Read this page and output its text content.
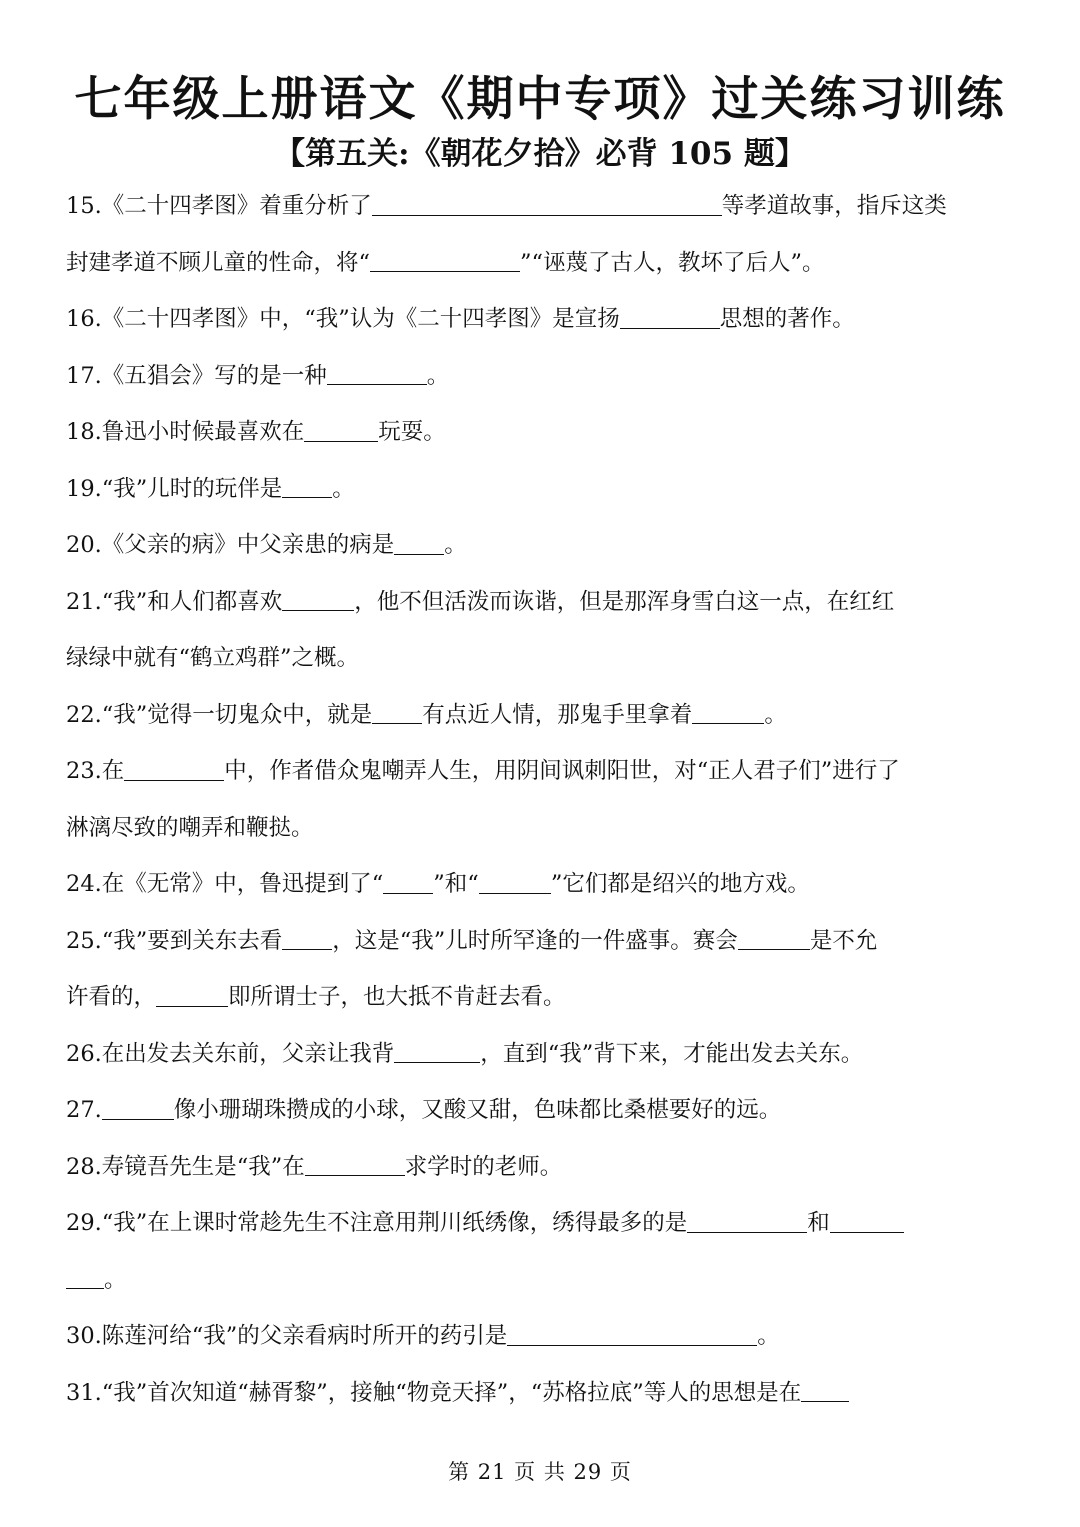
七年级上册语文《期中专项》过关练习训练
【第五关:《朝花夕拾》必背 105 题】

15.《二十四孝图》着重分析了	等孝道故事，指斥这类

封建孝道不顾儿童的性命，将“	”“诬蔑了古人，教坏了后人”。

16.《二十四孝图》中，“我”认为《二十四孝图》是宣扬	思想的著作。

17.《五猖会》写的是一种	。

18.鲁迅小时候最喜欢在	玩耍。

19.“我”儿时的玩伴是 。

20.《父亲的病》中父亲患的病是 。

21.“我”和人们都喜欢	，他不但活泼而诙谐，但是那浑身雪白这一点，在红红

绿绿中就有“鹤立鸡群”之概。

22.“我”觉得一切鬼众中，就是 有点近人情，那鬼手里拿着	。

23.在	中，作者借众鬼嘲弄人生，用阴间讽刺阳世，对“正人君子们”进行了

淋漓尽致的嘲弄和鞭挞。

24.在《无常》中，鲁迅提到了“ ”和“	”它们都是绍兴的地方戏。

25.“我”要到关东去看 ，这是“我”儿时所罕逢的一件盛事。赛会	是不允

许看的，	即所谓士子，也大抵不肯赶去看。

26.在出发去关东前，父亲让我背	，直到“我”背下来，才能出发去关东。

27.	像小珊瑚珠攒成的小球，又酸又甜，色味都比桑椹要好的远。

28.寿镜吾先生是“我”在	求学时的老师。

29.“我”在上课时常趁先生不注意用荆川纸绣像，绣得最多的是	和

。

30.陈莲河给“我”的父亲看病时所开的药引是	。

31.“我”首次知道“赫胥黎”，接触“物竞天择”，“苏格拉底”等人的思想是在

第 21 页 共 29 页
